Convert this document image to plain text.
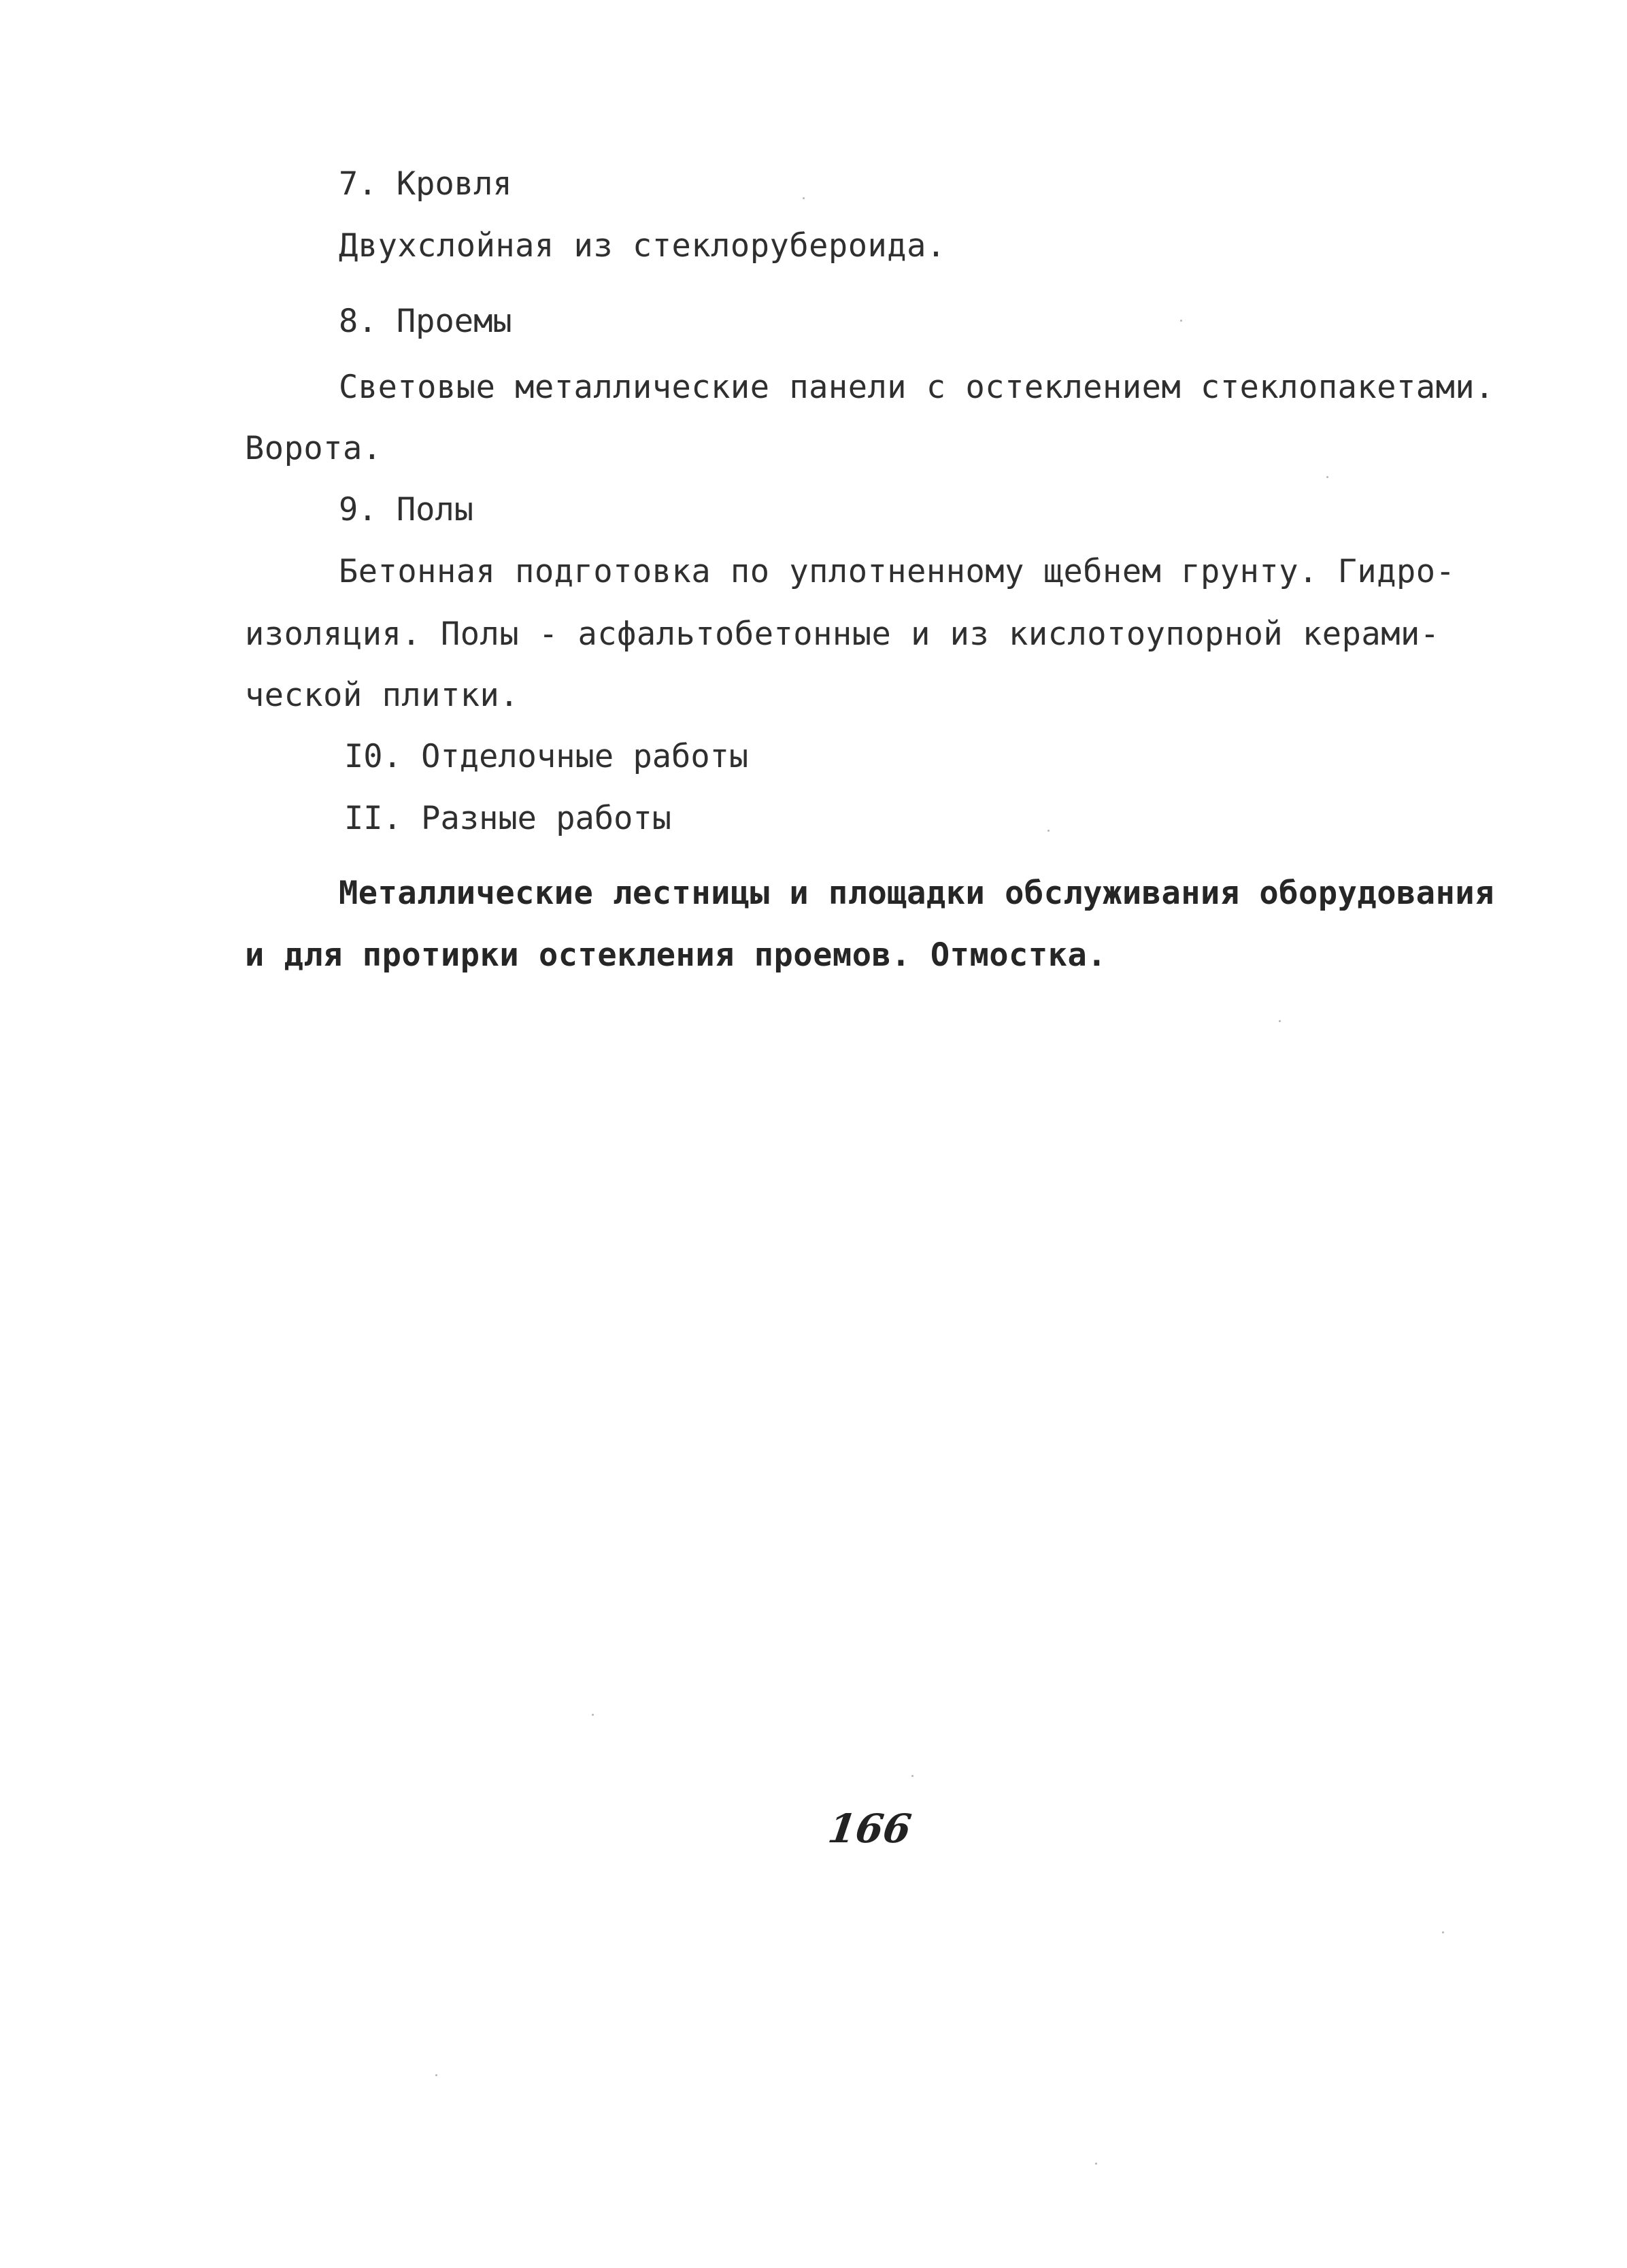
7. Кровля
Двухслойная из стеклорубероида.
8. Проемы
Световые металлические панели с остеклением стеклопакетами.
Ворота.
9. Полы
Бетонная подготовка по уплотненному щебнем грунту. Гидро-
изоляция. Полы - асфальтобетонные и из кислотоупорной керами-
ческой плитки.
I0. Отделочные работы
II. Разные работы
Металлические лестницы и площадки обслуживания оборудования
и для протирки остекления проемов. Отмостка.
166
